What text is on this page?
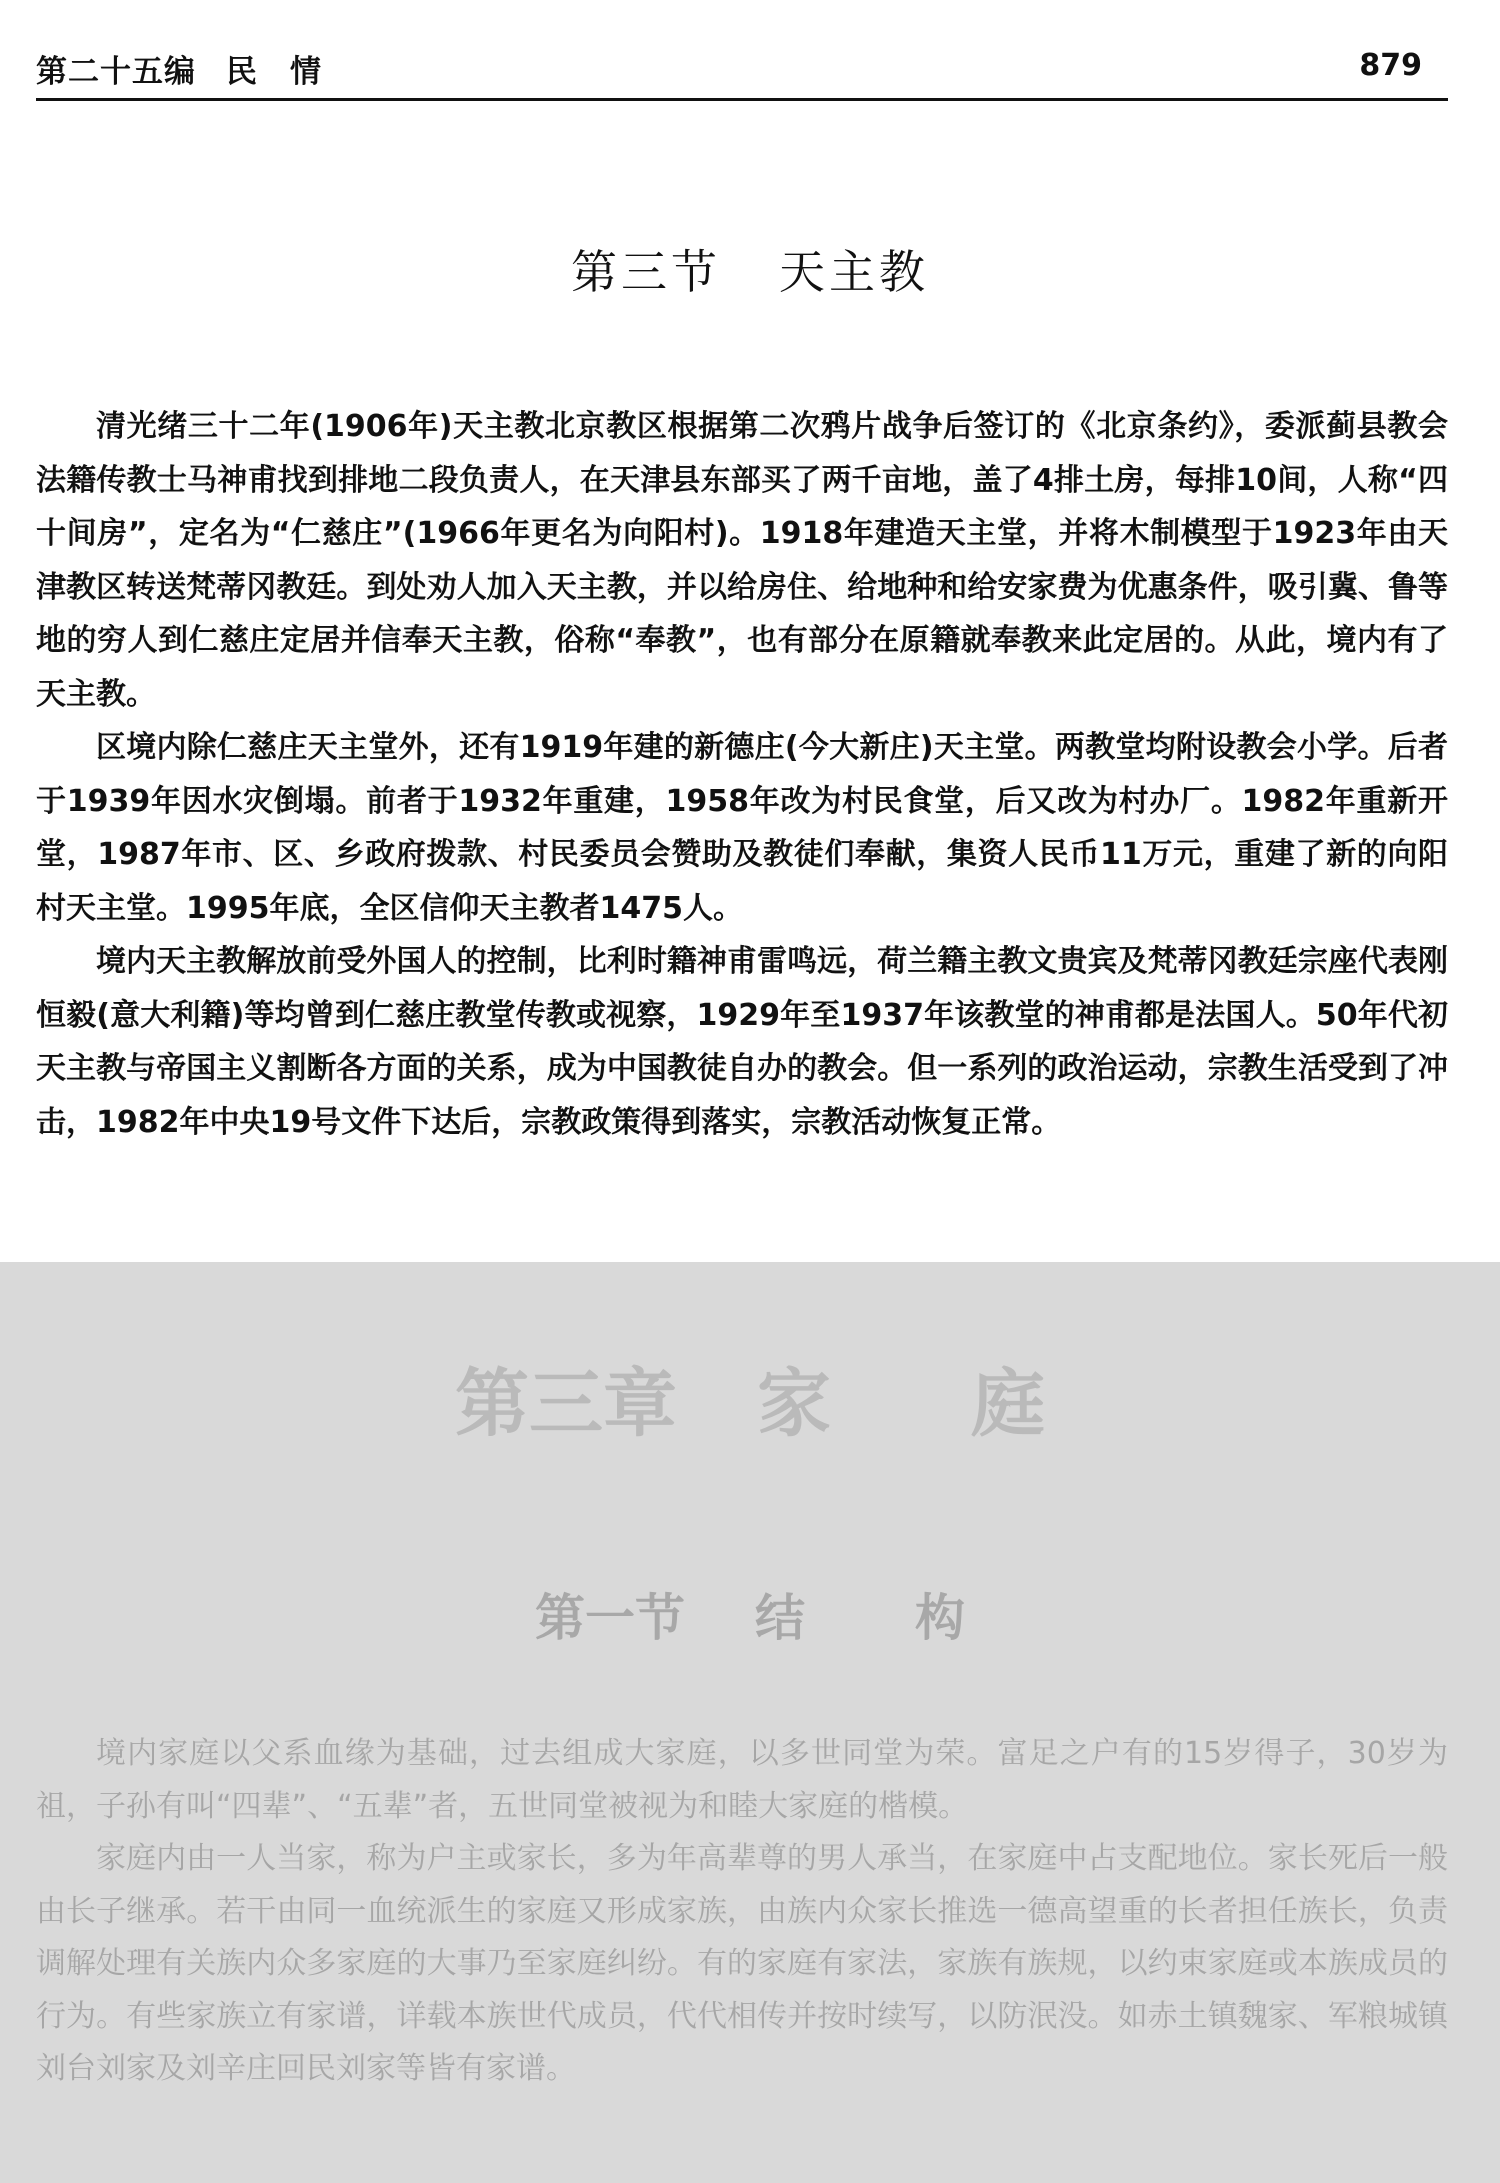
第二十五编 民　情	879
第三节 天主教

清光绪三十二年(1906年)天主教北京教区根据第二次鸦片战争后签订的《北京条约》，委派蓟县教会法籍传教士马神甫找到排地二段负责人，在天津县东部买了两千亩地，盖了4排土房，每排10间，人称“四十间房”，定名为“仁慈庄”(1966年更名为向阳村)。1918年建造天主堂，并将木制模型于1923年由天津教区转送梵蒂冈教廷。到处劝人加入天主教，并以给房住、给地种和给安家费为优惠条件，吸引冀、鲁等地的穷人到仁慈庄定居并信奉天主教，俗称“奉教”，也有部分在原籍就奉教来此定居的。从此，境内有了天主教。

区境内除仁慈庄天主堂外，还有1919年建的新德庄(今大新庄)天主堂。两教堂均附设教会小学。后者于1939年因水灾倒塌。前者于1932年重建，1958年改为村民食堂，后又改为村办厂。1982年重新开堂，1987年市、区、乡政府拨款、村民委员会赞助及教徒们奉献，集资人民币11万元，重建了新的向阳村天主堂。1995年底，全区信仰天主教者1475人。

境内天主教解放前受外国人的控制，比利时籍神甫雷鸣远，荷兰籍主教文贵宾及梵蒂冈教廷宗座代表刚恒毅(意大利籍)等均曾到仁慈庄教堂传教或视察，1929年至1937年该教堂的神甫都是法国人。50年代初天主教与帝国主义割断各方面的关系，成为中国教徒自办的教会。但一系列的政治运动，宗教生活受到了冲击，1982年中央19号文件下达后，宗教政策得到落实，宗教活动恢复正常。

第三章 家 庭
第一节 结 构

境内家庭以父系血缘为基础，过去组成大家庭，以多世同堂为荣。富足之户有的15岁得子，30岁为祖，子孙有叫“四辈”、“五辈”者，五世同堂被视为和睦大家庭的楷模。

家庭内由一人当家，称为户主或家长，多为年高辈尊的男人承当，在家庭中占支配地位。家长死后一般由长子继承。若干由同一血统派生的家庭又形成家族，由族内众家长推选一德高望重的长者担任族长，负责调解处理有关族内众多家庭的大事乃至家庭纠纷。有的家庭有家法，家族有族规，以约束家庭或本族成员的行为。有些家族立有家谱，详载本族世代成员，代代相传并按时续写，以防泯没。如赤土镇魏家、军粮城镇刘台刘家及刘辛庄回民刘家等皆有家谱。
